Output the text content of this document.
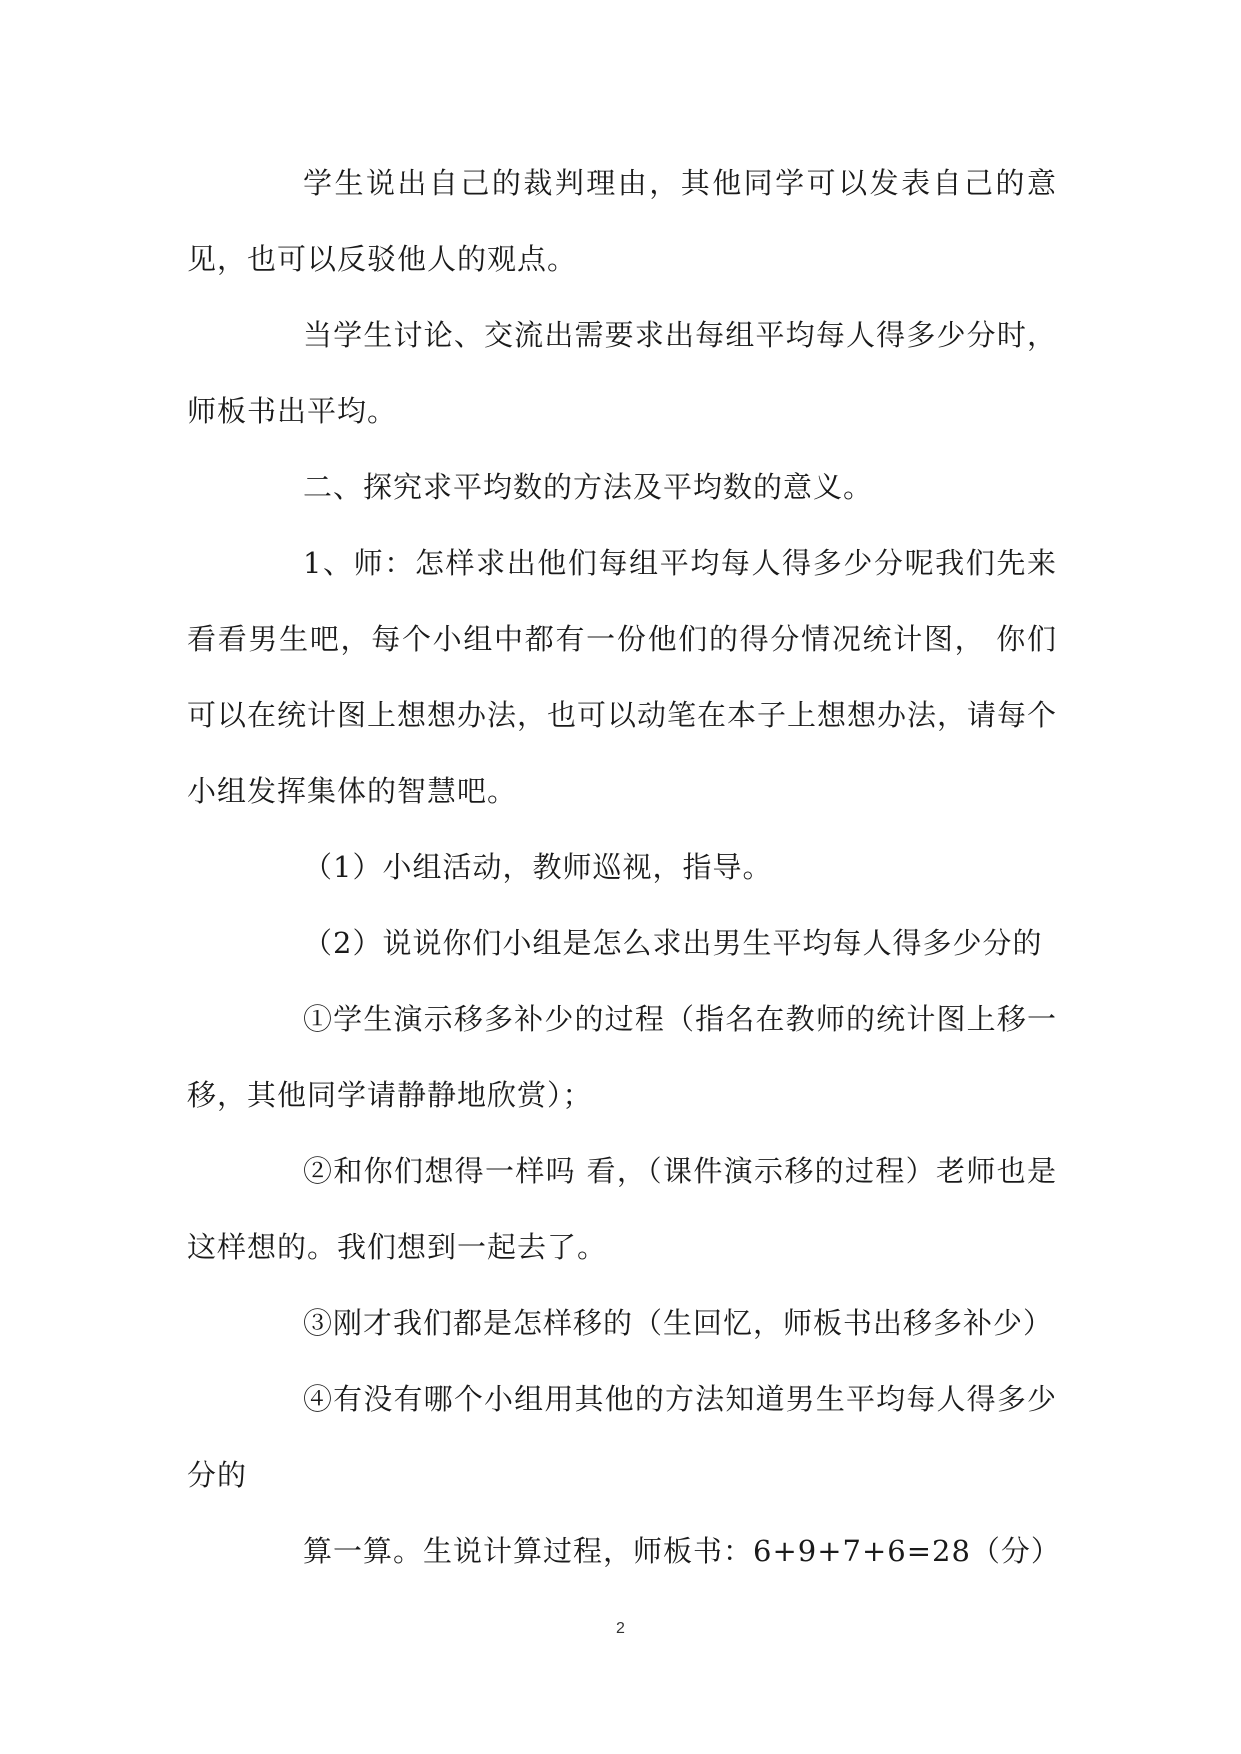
学生说出自己的裁判理由，其他同学可以发表自己的意见，也可以反驳他人的观点。

当学生讨论、交流出需要求出每组平均每人得多少分时，师板书出平均。

二、探究求平均数的方法及平均数的意义。

1、师：怎样求出他们每组平均每人得多少分呢我们先来看看男生吧，每个小组中都有一份他们的得分情况统计图， 你们可以在统计图上想想办法，也可以动笔在本子上想想办法，请每个小组发挥集体的智慧吧。

（1）小组活动，教师巡视，指导。

（2）说说你们小组是怎么求出男生平均每人得多少分的

①学生演示移多补少的过程（指名在教师的统计图上移一移，其他同学请静静地欣赏）；

②和你们想得一样吗 看，（课件演示移的过程）老师也是这样想的。我们想到一起去了。

③刚才我们都是怎样移的（生回忆，师板书出移多补少）

④有没有哪个小组用其他的方法知道男生平均每人得多少分的

算一算。生说计算过程，师板书：6+9+7+6=28（分）

2
